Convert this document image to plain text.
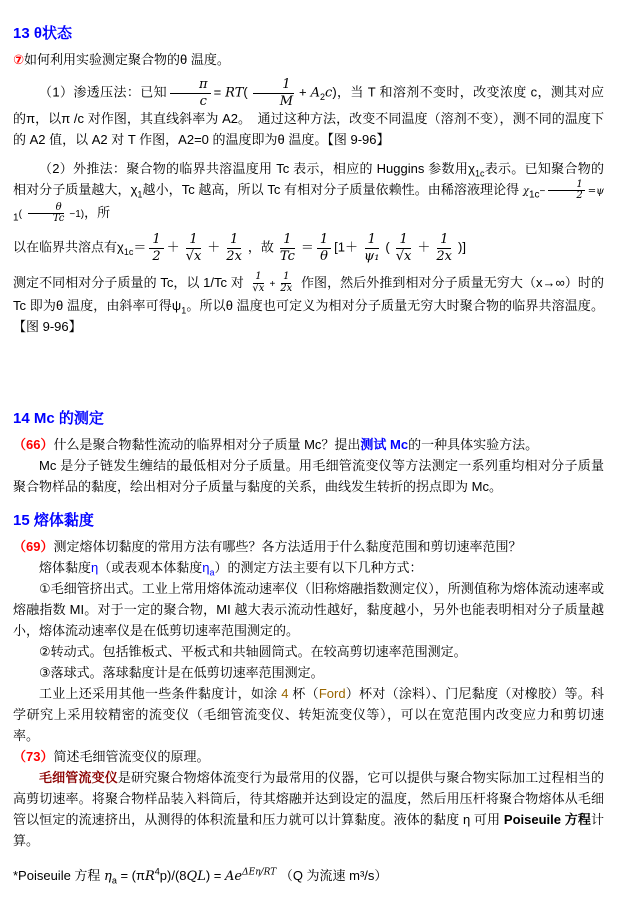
13 θ状态

⑦如何利用实验测定聚合物的θ 温度。

（1）渗透压法：已知 $\frac{\pi}{c} = RT( \frac{1}{M} + A_2c)$，当 T 和溶剂不变时，改变浓度 c，测其对应的π，以π /c 对作图，其直线斜率为 A2。　通过这种方法，改变不同温度（溶剂不变），测不同的温度下的 A2 值，以 A2 对 T 作图，A2=0 的温度即为θ 温度。【图 9-96】

（2）外推法：聚合物的临界共溶温度用 Tc 表示，相应的 Huggins 参数用$\chi_{1c}$表示。已知聚合物的相对分子质量越大，$\chi_1$越小，Tc 越高，所以 Tc 有相对分子质量依赖性。由稀溶液理论得 $\chi_{1c}- \frac{1}{2} =\psi_1( \frac{\theta}{Tc} -1)$，所

以在临界共溶点有$\chi_{1c}= \frac{1}{2} + \frac{1}{√x} + \frac{1}{2x}$ ，故 $\frac{1}{Tc} = \frac{1}{\theta} [1+ \frac{1}{\text{ψ₁}}$ ( $\frac{1}{√x} + \frac{1}{2x}$ )]

测定不同相对分子质量的 Tc，以 1/Tc 对 $\frac{1}{√x} + \frac{1}{2x}$ 作图，然后外推到相对分子质量无穷大（x→∞）时的 Tc 即为θ 温度，由斜率可得$\psi_1$。所以θ 温度也可定义为相对分子质量无穷大时聚合物的临界共溶温度。【图 9-96】

14 Mc 的测定

（66）什么是聚合物黏性流动的临界相对分子质量 Mc？提出测试 Mc的一种具体实验方法。

Mc 是分子链发生缠结的最低相对分子质量。用毛细管流变仪等方法测定一系列重均相对分子质量聚合物样品的黏度，绘出相对分子质量与黏度的关系，曲线发生转折的拐点即为 Mc。

15 熔体黏度

（69）测定熔体切黏度的常用方法有哪些？各方法适用于什么黏度范围和剪切速率范围？

熔体黏度η（或表观本体黏度$\eta_a$）的测定方法主要有以下几种方式：

①毛细管挤出式。工业上常用熔体流动速率仪（旧称熔融指数测定仪），所测值称为熔体流动速率或熔融指数 MI。对于一定的聚合物，MI 越大表示流动性越好，黏度越小，另外也能表明相对分子质量越小，熔体流动速率仪是在低剪切速率范围测定的。

②转动式。包括锥板式、平板式和共轴圆筒式。在较高剪切速率范围测定。

③落球式。落球黏度计是在低剪切速率范围测定。

工业上还采用其他一些条件黏度计，如涂 4 杯（Ford）杯对（涂料）、门尼黏度（对橡胶）等。科学研究上采用较精密的流变仪（毛细管流变仪、转矩流变仪等），可以在宽范围内改变应力和剪切速率。

（73）简述毛细管流变仪的原理。

毛细管流变仪是研究聚合物熔体流变行为最常用的仪器，它可以提供与聚合物实际加工过程相当的高剪切速率。将聚合物样品装入料筒后，待其熔融并达到设定的温度，然后用压杆将聚合物熔体从毛细管以恒定的流速挤出，从测得的体积流量和压力就可以计算黏度。液体的黏度 η 可用 Poiseuile 方程计算。

*Poiseuile 方程 $\eta_a = (\pi R^4p)/(8QL) = Ae^{\Delta E\eta/RT}$ （Q 为流速 m³/s）
